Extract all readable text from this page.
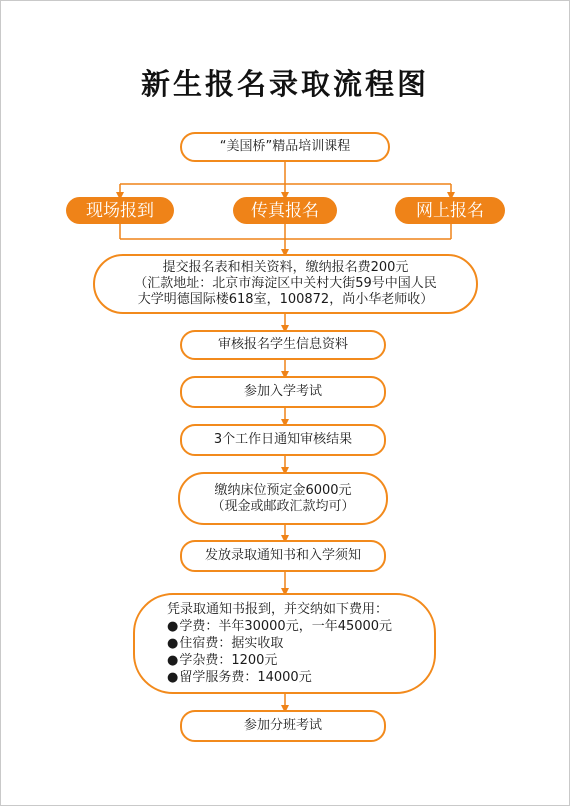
新生报名录取流程图
“美国桥”精品培训课程
现场报到	传真报名	网上报名
提交报名表和相关资料，缴纳报名费200元
（汇款地址：北京市海淀区中关村大街59号中国人民
大学明德国际楼618室，100872，尚小华老师收）
审核报名学生信息资料
参加入学考试
3个工作日通知审核结果
缴纳床位预定金6000元
（现金或邮政汇款均可）
发放录取通知书和入学须知
凭录取通知书报到，并交纳如下费用：
● 学费：半年30000元，一年45000元
● 住宿费：据实收取
● 学杂费：1200元
● 留学服务费：14000元
参加分班考试
